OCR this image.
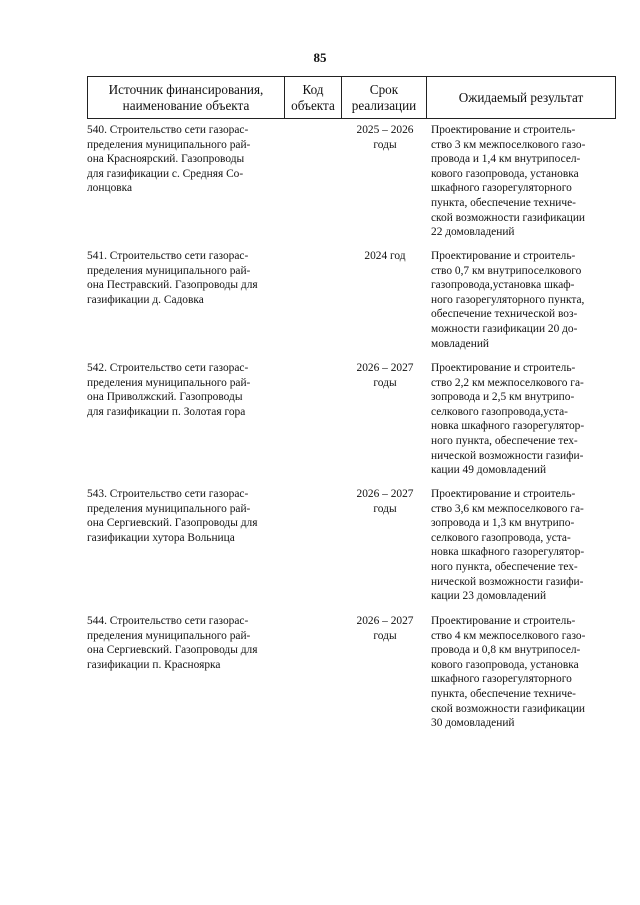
85
Источник финансирования,
наименование объекта
Код
объекта
Срок
реализации
Ожидаемый результат
540. Строительство сети газорас-
пределения муниципального рай-
она Красноярский. Газопроводы
для газификации с. Средняя Со-
лонцовка
2025 – 2026
годы
Проектирование и строитель-
ство 3 км межпоселкового газо-
провода и 1,4 км внутрипосел-
кового газопровода, установка
шкафного газорегуляторного
пункта, обеспечение техниче-
ской возможности газификации
22 домовладений
541. Строительство сети газорас-
пределения муниципального рай-
она Пестравский. Газопроводы для
газификации д. Садовка
2024 год	Проектирование и строитель-
ство 0,7 км внутрипоселкового
газопровода,установка шкаф-
ного газорегуляторного пункта,
обеспечение технической воз-
можности газификации 20 до-
мовладений
542. Строительство сети газорас-
пределения муниципального рай-
она Приволжский. Газопроводы
для газификации п. Золотая гора
2026 – 2027
годы
Проектирование и строитель-
ство 2,2 км межпоселкового га-
зопровода и 2,5 км внутрипо-
селкового газопровода,уста-
новка шкафного газорегулятор-
ного пункта, обеспечение тех-
нической возможности газифи-
кации 49 домовладений
543. Строительство сети газорас-
пределения муниципального рай-
она Сергиевский. Газопроводы для
газификации хутора Вольница
2026 – 2027
годы
Проектирование и строитель-
ство 3,6 км межпоселкового га-
зопровода и 1,3 км внутрипо-
селкового газопровода, уста-
новка шкафного газорегулятор-
ного пункта, обеспечение тех-
нической возможности газифи-
кации 23 домовладений
544. Строительство сети газорас-
пределения муниципального рай-
она Сергиевский. Газопроводы для
газификации п. Красноярка
2026 – 2027
годы
Проектирование и строитель-
ство 4 км межпоселкового газо-
провода и 0,8 км внутрипосел-
кового газопровода, установка
шкафного газорегуляторного
пункта, обеспечение техниче-
ской возможности газификации
30 домовладений
